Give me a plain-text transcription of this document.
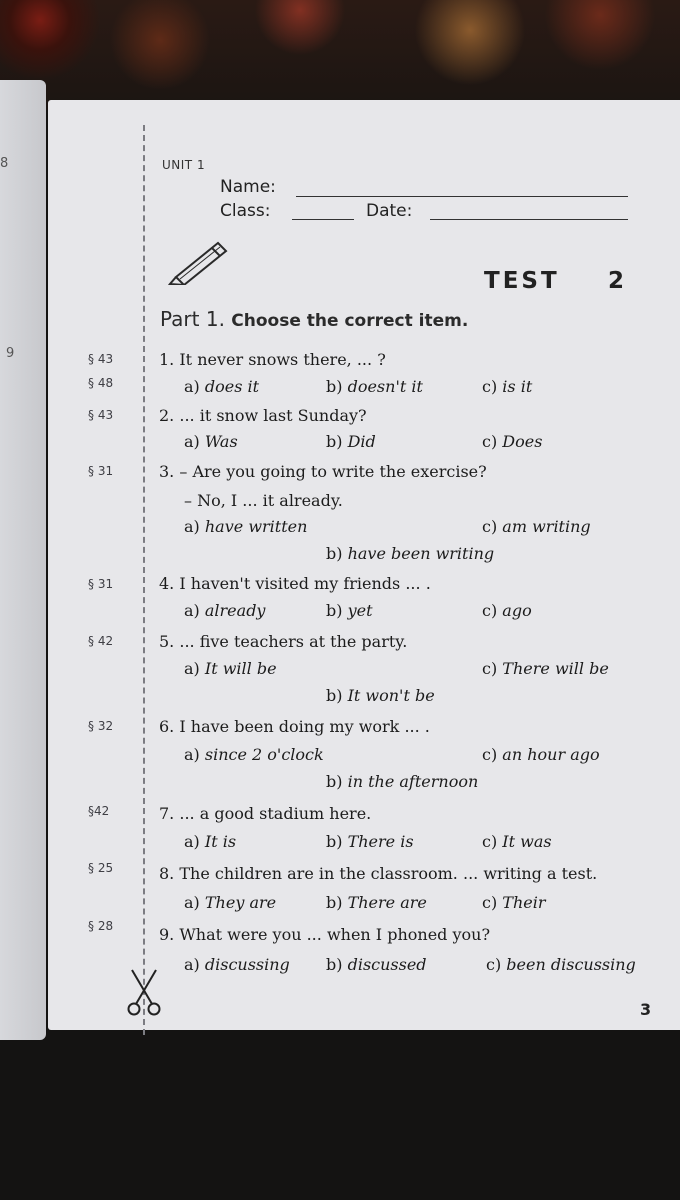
8
9
UNIT 1
Name:
Class:	Date:
TEST 2
Part 1. Choose the correct item.
§ 43
§ 48
1. It never snows there, ... ?
a) does it	b) doesn't it	c) is it
§ 43	2. ... it snow last Sunday?
a) Was	b) Did	c) Does
§ 31	3. – Are you going to write the exercise?
– No, I ... it already.
a) have written
b) have been writing
c) am writing
§ 31	4. I haven't visited my friends ... .
a) already	b) yet	c) ago
§ 42	5. ... five teachers at the party.
a) It will be
b) It won't be
c) There will be
§ 32	6. I have been doing my work ... .
a) since 2 o'clock
b) in the afternoon
c) an hour ago
§42	7. ... a good stadium here.
a) It is	b) There is	c) It was
§ 25	8. The children are in the classroom. ... writing a test.
a) They are	b) There are	c) Their
§ 28	9. What were you ... when I phoned you?
a) discussing b) discussed	c) been discussing
3
